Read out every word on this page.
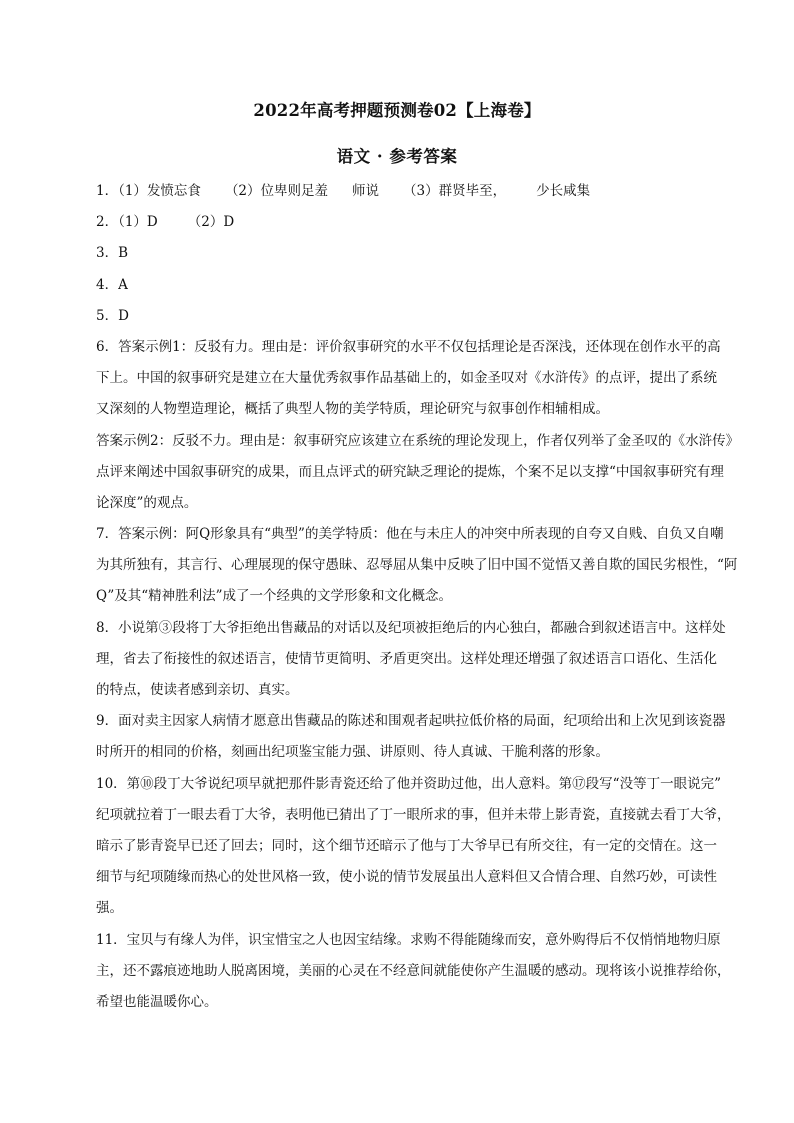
2022年高考押题预测卷02【上海卷】
语文 · 参考答案
1．（1）发愤忘食 （2）位卑则足羞 师说 （3）群贤毕至， 少长咸集
2．（1）D （2）D
3．B
4．A
5．D
6．答案示例1：反驳有力。理由是：评价叙事研究的水平不仅包括理论是否深浅，还体现在创作水平的高
下上。中国的叙事研究是建立在大量优秀叙事作品基础上的，如金圣叹对《水浒传》的点评，提出了系统
又深刻的人物塑造理论，概括了典型人物的美学特质，理论研究与叙事创作相辅相成。
答案示例2：反驳不力。理由是：叙事研究应该建立在系统的理论发现上，作者仅列举了金圣叹的《水浒传》
点评来阐述中国叙事研究的成果，而且点评式的研究缺乏理论的提炼，个案不足以支撑“中国叙事研究有理
论深度”的观点。
7．答案示例：阿Q形象具有“典型”的美学特质：他在与未庄人的冲突中所表现的自夸又自贱、自负又自嘲
为其所独有，其言行、心理展现的保守愚昧、忍辱屈从集中反映了旧中国不觉悟又善自欺的国民劣根性，“阿
Q”及其“精神胜利法”成了一个经典的文学形象和文化概念。
8．小说第③段将丁大爷拒绝出售藏品的对话以及纪项被拒绝后的内心独白，都融合到叙述语言中。这样处
理，省去了衔接性的叙述语言，使情节更简明、矛盾更突出。这样处理还增强了叙述语言口语化、生活化
的特点，使读者感到亲切、真实。
9．面对卖主因家人病情才愿意出售藏品的陈述和围观者起哄拉低价格的局面，纪项给出和上次见到该瓷器
时所开的相同的价格，刻画出纪项鉴宝能力强、讲原则、待人真诚、干脆利落的形象。
10．第⑩段丁大爷说纪项早就把那件影青瓷还给了他并资助过他，出人意料。第⑰段写“没等丁一眼说完”
纪项就拉着丁一眼去看丁大爷，表明他已猜出了丁一眼所求的事，但并未带上影青瓷，直接就去看丁大爷，
暗示了影青瓷早已还了回去；同时，这个细节还暗示了他与丁大爷早已有所交往，有一定的交情在。这一
细节与纪项随缘而热心的处世风格一致，使小说的情节发展虽出人意料但又合情合理、自然巧妙，可读性
强。
11．宝贝与有缘人为伴，识宝惜宝之人也因宝结缘。求购不得能随缘而安，意外购得后不仅悄悄地物归原
主，还不露痕迹地助人脱离困境，美丽的心灵在不经意间就能使你产生温暖的感动。现将该小说推荐给你，
希望也能温暖你心。
